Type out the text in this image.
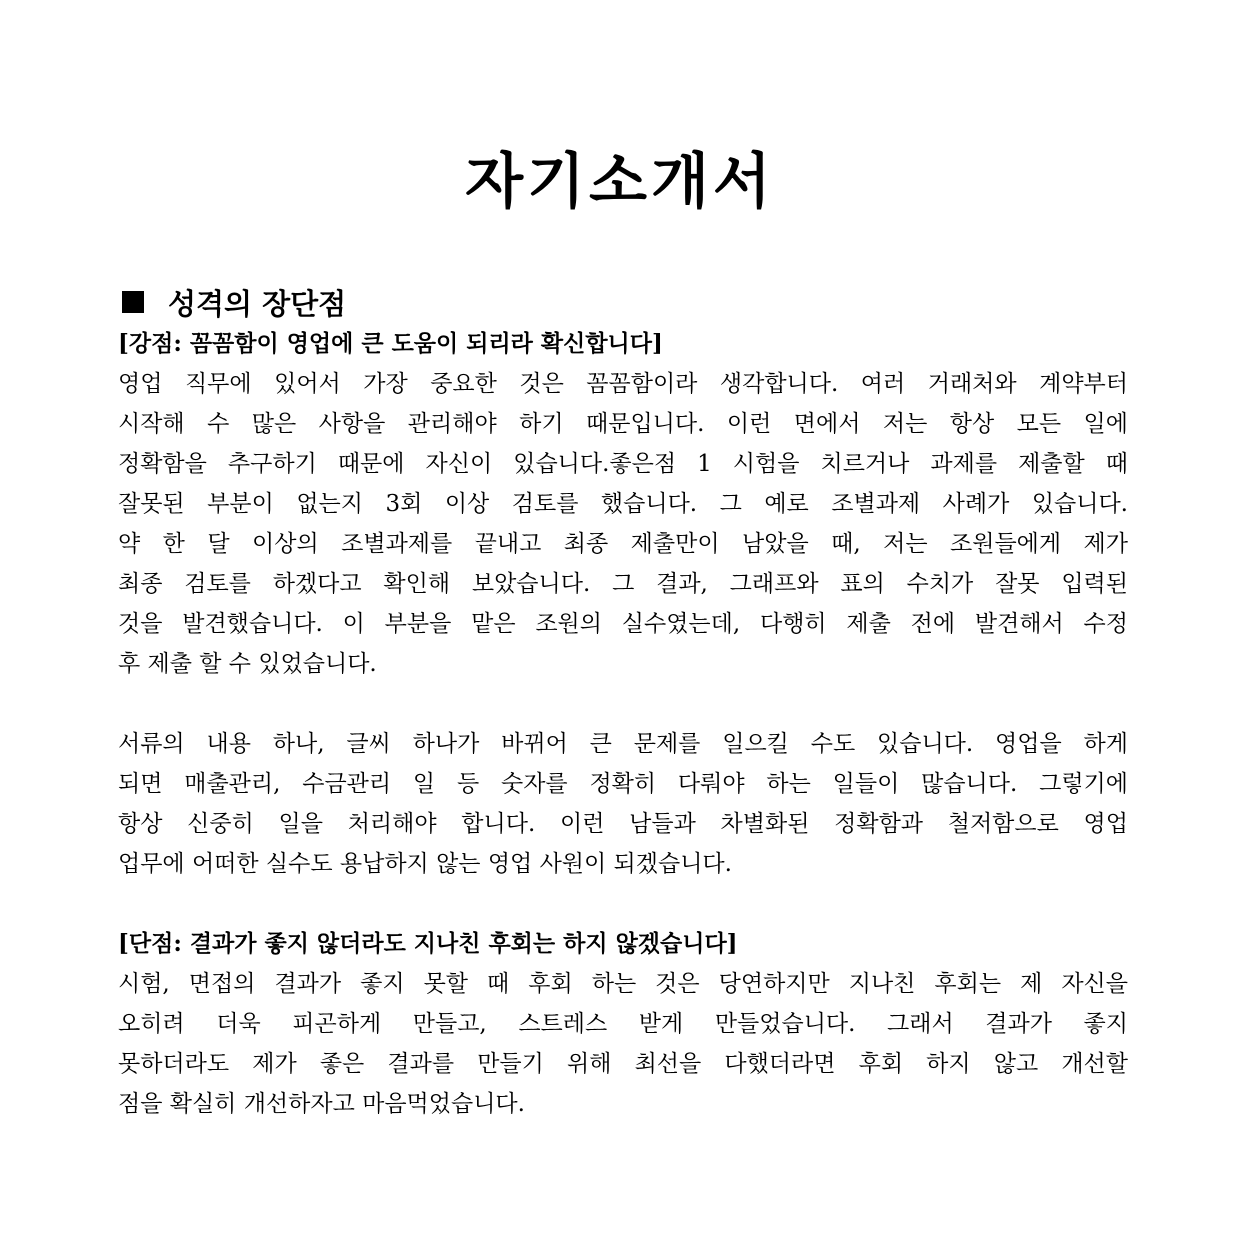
자기소개서
성격의 장단점
[강점: 꼼꼼함이 영업에 큰 도움이 되리라 확신합니다]
영업 직무에 있어서 가장 중요한 것은 꼼꼼함이라 생각합니다. 여러 거래처와 계약부터
시작해 수 많은 사항을 관리해야 하기 때문입니다. 이런 면에서 저는 항상 모든 일에
정확함을 추구하기 때문에 자신이 있습니다.좋은점 1 시험을 치르거나 과제를 제출할 때
잘못된 부분이 없는지 3회 이상 검토를 했습니다. 그 예로 조별과제 사례가 있습니다.
약 한 달 이상의 조별과제를 끝내고 최종 제출만이 남았을 때, 저는 조원들에게 제가
최종 검토를 하겠다고 확인해 보았습니다. 그 결과, 그래프와 표의 수치가 잘못 입력된
것을 발견했습니다. 이 부분을 맡은 조원의 실수였는데, 다행히 제출 전에 발견해서 수정
후 제출 할 수 있었습니다.
서류의 내용 하나, 글씨 하나가 바뀌어 큰 문제를 일으킬 수도 있습니다. 영업을 하게
되면 매출관리, 수금관리 일 등 숫자를 정확히 다뤄야 하는 일들이 많습니다. 그렇기에
항상 신중히 일을 처리해야 합니다. 이런 남들과 차별화된 정확함과 철저함으로 영업
업무에 어떠한 실수도 용납하지 않는 영업 사원이 되겠습니다.
[단점: 결과가 좋지 않더라도 지나친 후회는 하지 않겠습니다]
시험, 면접의 결과가 좋지 못할 때 후회 하는 것은 당연하지만 지나친 후회는 제 자신을
오히려 더욱 피곤하게 만들고, 스트레스 받게 만들었습니다. 그래서 결과가 좋지
못하더라도 제가 좋은 결과를 만들기 위해 최선을 다했더라면 후회 하지 않고 개선할
점을 확실히 개선하자고 마음먹었습니다.
